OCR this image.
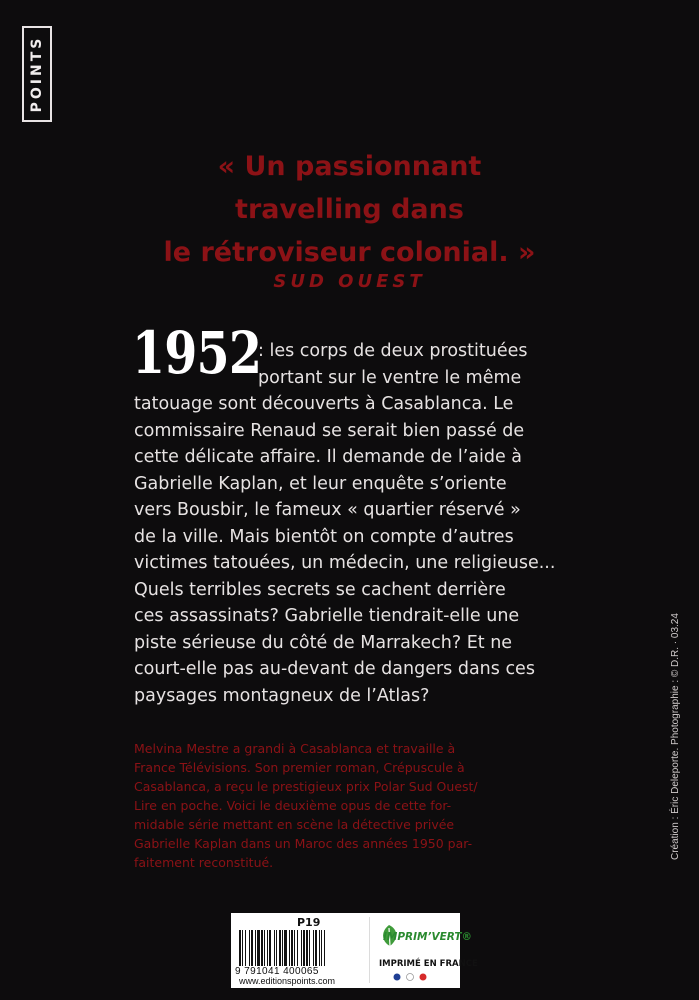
POINTS
« Un passionnant
travelling dans
le rétroviseur colonial. »
SUD OUEST
1952
: les corps de deux prostituées
portant sur le ventre le même
tatouage sont découverts à Casablanca. Le
commissaire Renaud se serait bien passé de
cette délicate affaire. Il demande de l’aide à
Gabrielle Kaplan, et leur enquête s’oriente
vers Bousbir, le fameux « quartier réservé »
de la ville. Mais bientôt on compte d’autres
victimes tatouées, un médecin, une religieuse...
Quels terribles secrets se cachent derrière
ces assassinats? Gabrielle tiendrait-elle une
piste sérieuse du côté de Marrakech? Et ne
court-elle pas au-devant de dangers dans ces
paysages montagneux de l’Atlas?
Melvina Mestre a grandi à Casablanca et travaille à
France Télévisions. Son premier roman, Crépuscule à
Casablanca, a reçu le prestigieux prix Polar Sud Ouest/
Lire en poche. Voici le deuxième opus de cette for-
midable série mettant en scène la détective privée
Gabrielle Kaplan dans un Maroc des années 1950 par-
faitement reconstitué.
Création : Éric Deleporte. Photographie : © D.R. · 03.24
P19
9 791041 400065
www.editionspoints.com
IMPRIM’VERT®
IMPRIMÉ EN FRANCE
